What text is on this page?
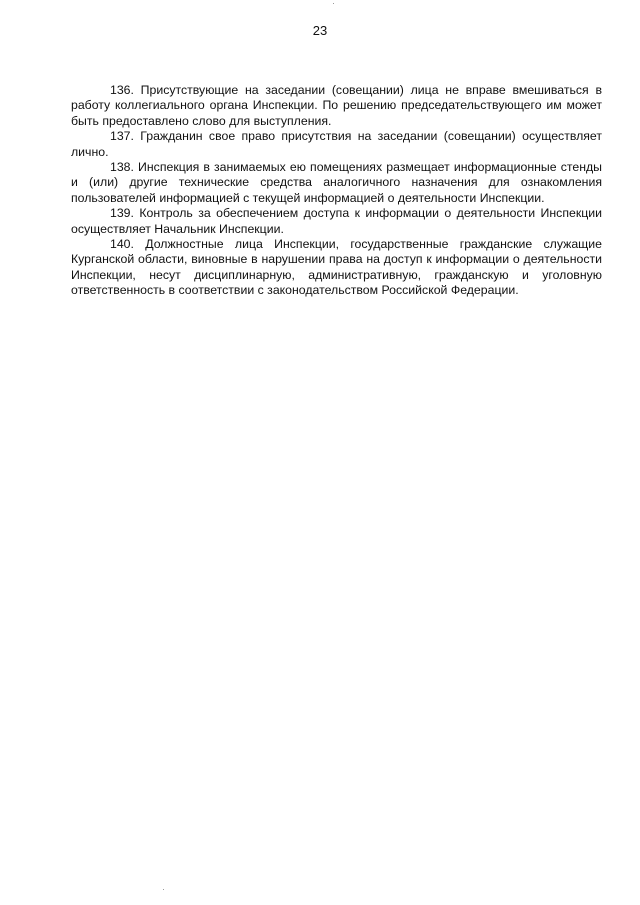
23

136. Присутствующие на заседании (совещании) лица не вправе вмешиваться в работу коллегиального органа Инспекции. По решению председательствующего им может быть предоставлено слово для выступления.

137. Гражданин свое право присутствия на заседании (совещании) осуществляет лично.

138. Инспекция в занимаемых ею помещениях размещает информационные стенды и (или) другие технические средства аналогичного назначения для ознакомления пользователей информацией с текущей информацией о деятельности Инспекции.

139. Контроль за обеспечением доступа к информации о деятельности Инспекции осуществляет Начальник Инспекции.

140. Должностные лица Инспекции, государственные гражданские служащие Курганской области, виновные в нарушении права на доступ к информации о деятельности Инспекции, несут дисциплинарную, административную, гражданскую и уголовную ответственность в соответствии с законодательством Российской Федерации.
